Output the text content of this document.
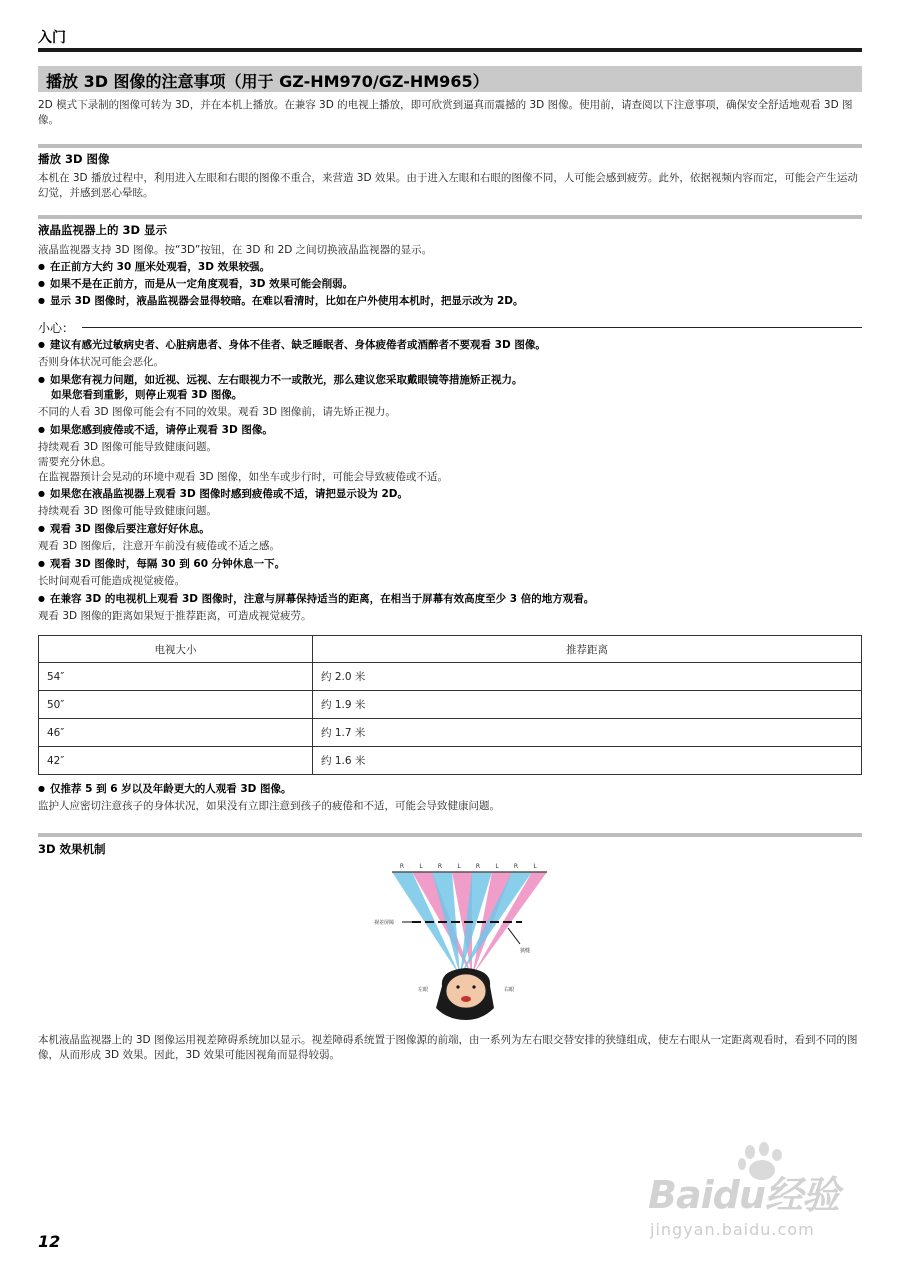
入门
播放 3D 图像的注意事项（用于 GZ-HM970/GZ-HM965）
2D 模式下录制的图像可转为 3D，并在本机上播放。在兼容 3D 的电视上播放，即可欣赏到逼真而震撼的 3D 图像。使用前，请查阅以下注意事项，确保安全舒适地观看 3D 图像。
播放 3D 图像
本机在 3D 播放过程中，利用进入左眼和右眼的图像不重合，来营造 3D 效果。由于进入左眼和右眼的图像不同，人可能会感到疲劳。此外，依据视频内容而定，可能会产生运动幻觉，并感到恶心晕眩。
液晶监视器上的 3D 显示
液晶监视器支持 3D 图像。按“3D”按钮，在 3D 和 2D 之间切换液晶监视器的显示。
● 在正前方大约 30 厘米处观看，3D 效果较强。
● 如果不是在正前方，而是从一定角度观看，3D 效果可能会削弱。
● 显示 3D 图像时，液晶监视器会显得较暗。在难以看清时，比如在户外使用本机时，把显示改为 2D。
小心：
● 建议有感光过敏病史者、心脏病患者、身体不佳者、缺乏睡眠者、身体疲倦者或酒醉者不要观看 3D 图像。
否则身体状况可能会恶化。
● 如果您有视力问题，如近视、远视、左右眼视力不一或散光，那么建议您采取戴眼镜等措施矫正视力。
如果您看到重影，则停止观看 3D 图像。
不同的人看 3D 图像可能会有不同的效果。观看 3D 图像前，请先矫正视力。
● 如果您感到疲倦或不适，请停止观看 3D 图像。
持续观看 3D 图像可能导致健康问题。
需要充分休息。
在监视器预计会晃动的环境中观看 3D 图像，如坐车或步行时，可能会导致疲倦或不适。
● 如果您在液晶监视器上观看 3D 图像时感到疲倦或不适，请把显示设为 2D。
持续观看 3D 图像可能导致健康问题。
● 观看 3D 图像后要注意好好休息。
观看 3D 图像后，注意开车前没有疲倦或不适之感。
● 观看 3D 图像时，每隔 30 到 60 分钟休息一下。
长时间观看可能造成视觉疲倦。
● 在兼容 3D 的电视机上观看 3D 图像时，注意与屏幕保持适当的距离，在相当于屏幕有效高度至少 3 倍的地方观看。
观看 3D 图像的距离如果短于推荐距离，可造成视觉疲劳。
电视大小	推荐距离
54″	约 2.0 米
50″	约 1.9 米
46″	约 1.7 米
42″	约 1.6 米
● 仅推荐 5 到 6 岁以及年龄更大的人观看 3D 图像。
监护人应密切注意孩子的身体状况，如果没有立即注意到孩子的疲倦和不适，可能会导致健康问题。
3D 效果机制
R	L	R	L	R	L	R	L
视差屏障
狭缝
左眼	右眼
本机液晶监视器上的 3D 图像运用视差障碍系统加以显示。视差障碍系统置于图像源的前端，由一系列为左右眼交替安排的狭缝组成，使左右眼从一定距离观看时，看到不同的图像，从而形成 3D 效果。因此，3D 效果可能因视角而显得较弱。
12
Baidu经验
jingyan.baidu.com
